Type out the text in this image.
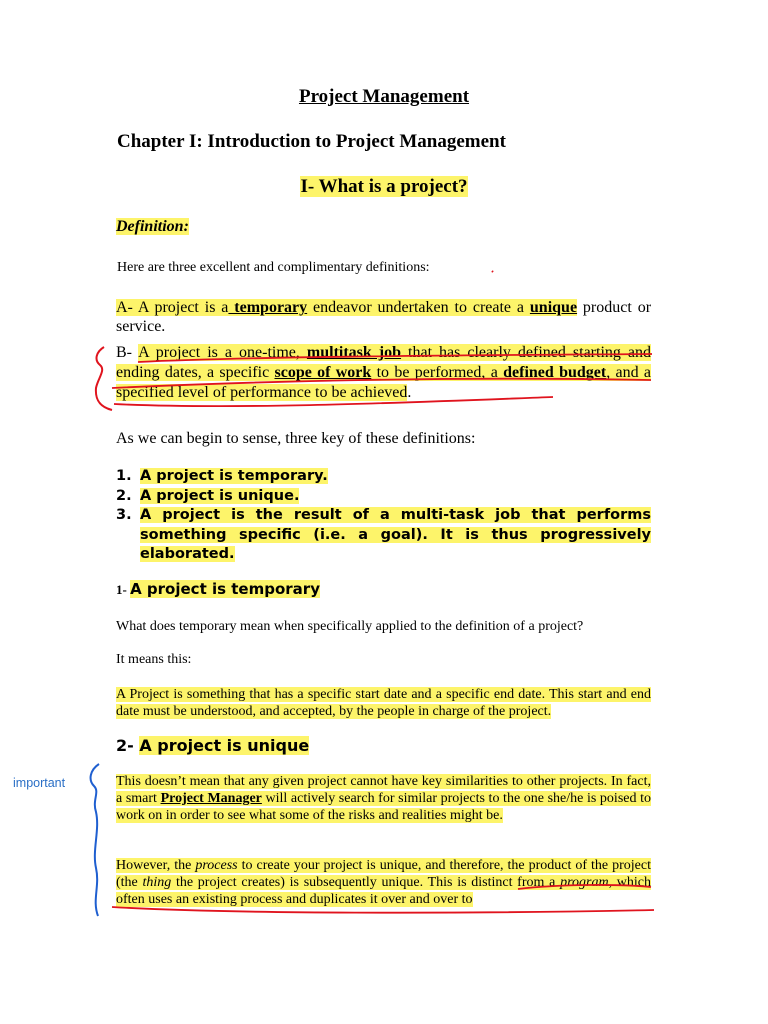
Project Management
Chapter I: Introduction to Project Management
I- What is a project?
Definition:
Here are three excellent and complimentary definitions:
A- A project is a temporary endeavor undertaken to create a unique product or service.
B- A project is a one-time, multitask job that has clearly defined starting and ending dates, a specific scope of work to be performed, a defined budget, and a specified level of performance to be achieved.
As we can begin to sense, three key of these definitions:
1. A project is temporary.
2. A project is unique.
3. A project is the result of a multi-task job that performs something specific (i.e. a goal). It is thus progressively elaborated.
1- A project is temporary
What does temporary mean when specifically applied to the definition of a project?
It means this:
A Project is something that has a specific start date and a specific end date. This start and end date must be understood, and accepted, by the people in charge of the project.
2- A project is unique
This doesn’t mean that any given project cannot have key similarities to other projects. In fact, a smart Project Manager will actively search for similar projects to the one she/he is poised to work on in order to see what some of the risks and realities might be.
However, the process to create your project is unique, and therefore, the product of the project (the thing the project creates) is subsequently unique. This is distinct from a program, which often uses an existing process and duplicates it over and over to
important
